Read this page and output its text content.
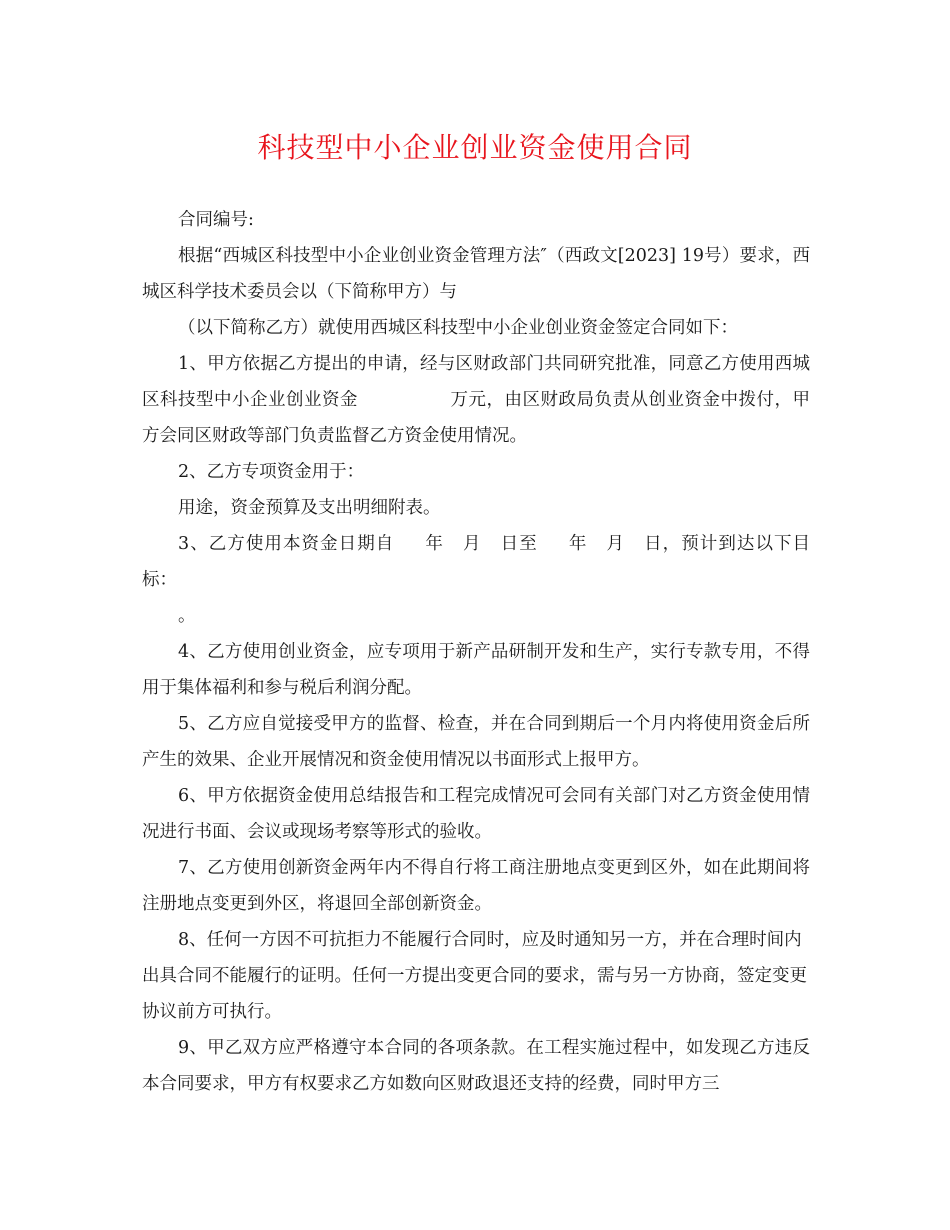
科技型中小企业创业资金使用合同

合同编号:

根据“西城区科技型中小企业创业资金管理方法″（西政文[2023] 19号）要求，西城区科学技术委员会以（下简称甲方）与

（以下简称乙方）就使用西城区科技型中小企业创业资金签定合同如下：

1、甲方依据乙方提出的申请，经与区财政部门共同研究批准，同意乙方使用西城区科技型中小企业创业资金	万元，由区财政局负责从创业资金中拨付，甲方会同区财政等部门负责监督乙方资金使用情况。

2、乙方专项资金用于：

用途，资金预算及支出明细附表。

3、乙方使用本资金日期自 年 月 日至 年 月 日，预计到达以下目标：

。

4、乙方使用创业资金，应专项用于新产品研制开发和生产，实行专款专用，不得用于集体福利和参与税后利润分配。

5、乙方应自觉接受甲方的监督、检查，并在合同到期后一个月内将使用资金后所产生的效果、企业开展情况和资金使用情况以书面形式上报甲方。

6、甲方依据资金使用总结报告和工程完成情况可会同有关部门对乙方资金使用情况进行书面、会议或现场考察等形式的验收。

7、乙方使用创新资金两年内不得自行将工商注册地点变更到区外，如在此期间将注册地点变更到外区，将退回全部创新资金。

8、任何一方因不可抗拒力不能履行合同时，应及时通知另一方，并在合理时间内出具合同不能履行的证明。任何一方提出变更合同的要求，需与另一方协商，签定变更协议前方可执行。

9、甲乙双方应严格遵守本合同的各项条款。在工程实施过程中，如发现乙方违反本合同要求，甲方有权要求乙方如数向区财政退还支持的经费，同时甲方三
